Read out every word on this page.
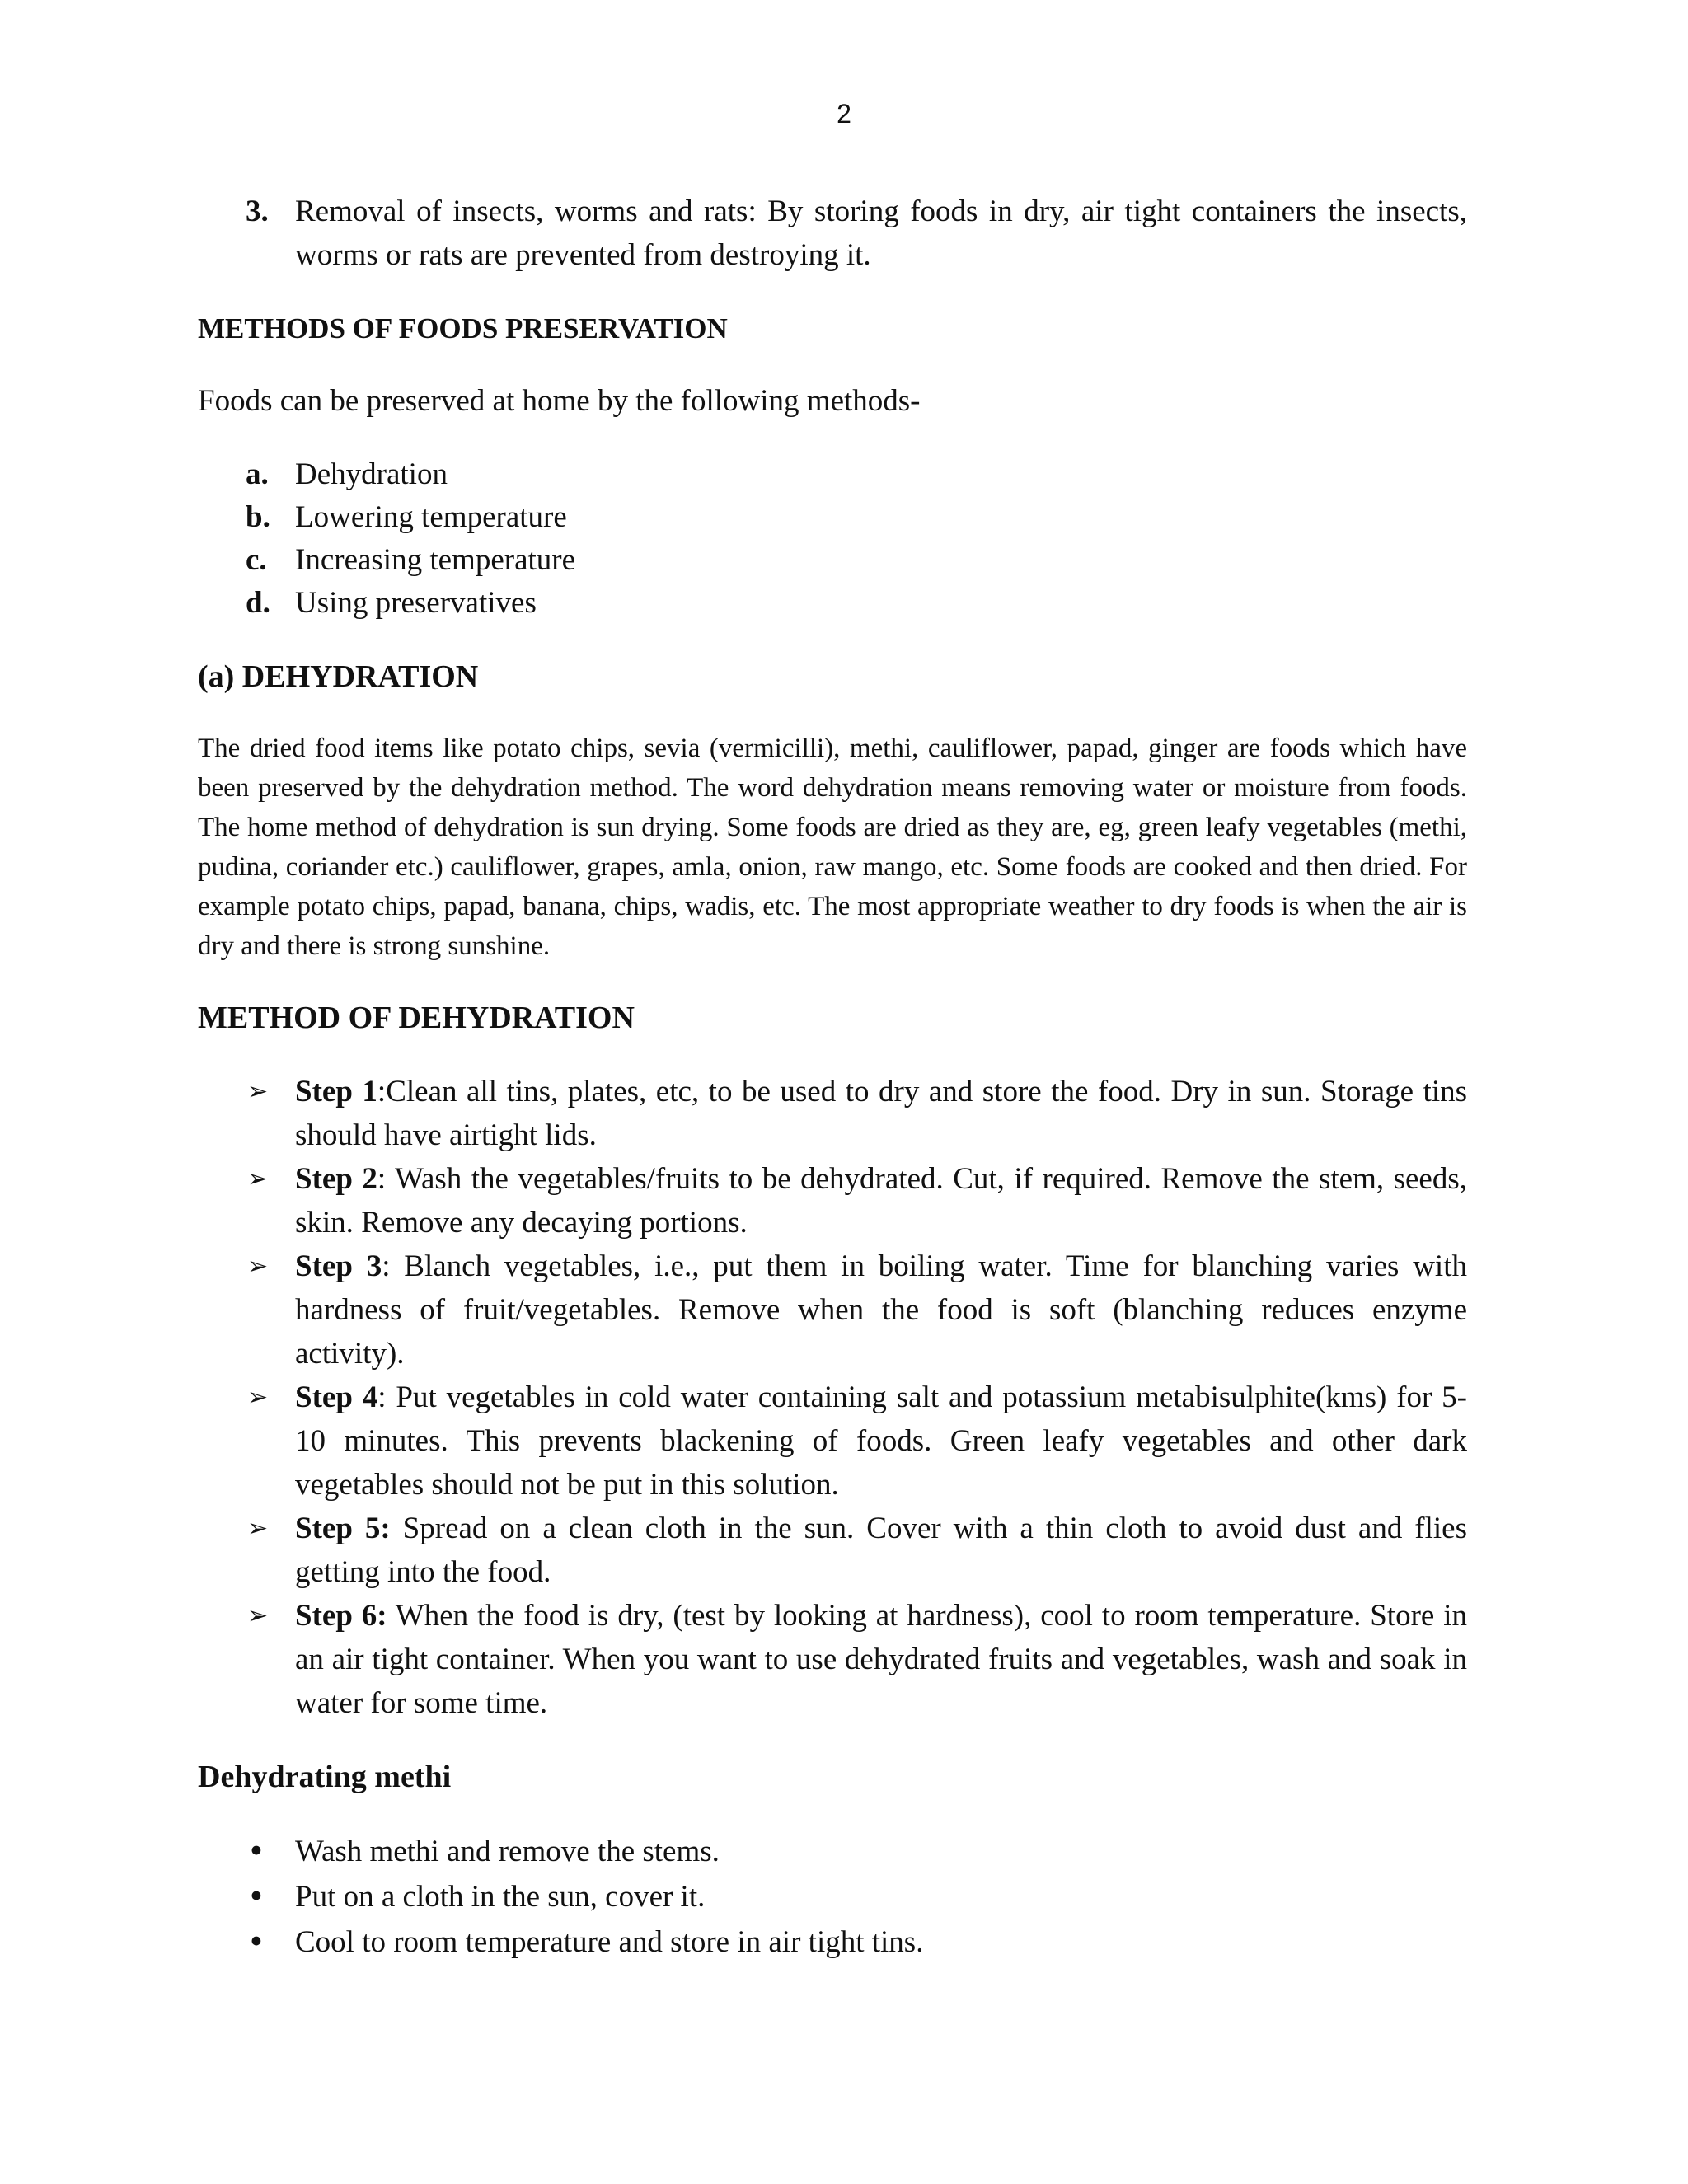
2

3. Removal of insects, worms and rats: By storing foods in dry, air tight containers the insects, worms or rats are prevented from destroying it.

METHODS OF FOODS PRESERVATION

Foods can be preserved at home by the following methods-

a. Dehydration
b. Lowering temperature
c. Increasing temperature
d. Using preservatives

(a) DEHYDRATION

The dried food items like potato chips, sevia (vermicilli), methi, cauliflower, papad, ginger are foods which have been preserved by the dehydration method. The word dehydration means removing water or moisture from foods. The home method of dehydration is sun drying. Some foods are dried as they are, eg, green leafy vegetables (methi, pudina, coriander etc.) cauliflower, grapes, amla, onion, raw mango, etc. Some foods are cooked and then dried. For example potato chips, papad, banana, chips, wadis, etc. The most appropriate weather to dry foods is when the air is dry and there is strong sunshine.

METHOD OF DEHYDRATION

➢ Step 1:Clean all tins, plates, etc, to be used to dry and store the food. Dry in sun. Storage tins should have airtight lids.
➢ Step 2: Wash the vegetables/fruits to be dehydrated. Cut, if required. Remove the stem, seeds, skin. Remove any decaying portions.
➢ Step 3: Blanch vegetables, i.e., put them in boiling water. Time for blanching varies with hardness of fruit/vegetables. Remove when the food is soft (blanching reduces enzyme activity).
➢ Step 4: Put vegetables in cold water containing salt and potassium metabisulphite(kms) for 5-10 minutes. This prevents blackening of foods. Green leafy vegetables and other dark vegetables should not be put in this solution.
➢ Step 5: Spread on a clean cloth in the sun. Cover with a thin cloth to avoid dust and flies getting into the food.
➢ Step 6: When the food is dry, (test by looking at hardness), cool to room temperature. Store in an air tight container. When you want to use dehydrated fruits and vegetables, wash and soak in water for some time.

Dehydrating methi

• Wash methi and remove the stems.
• Put on a cloth in the sun, cover it.
• Cool to room temperature and store in air tight tins.
